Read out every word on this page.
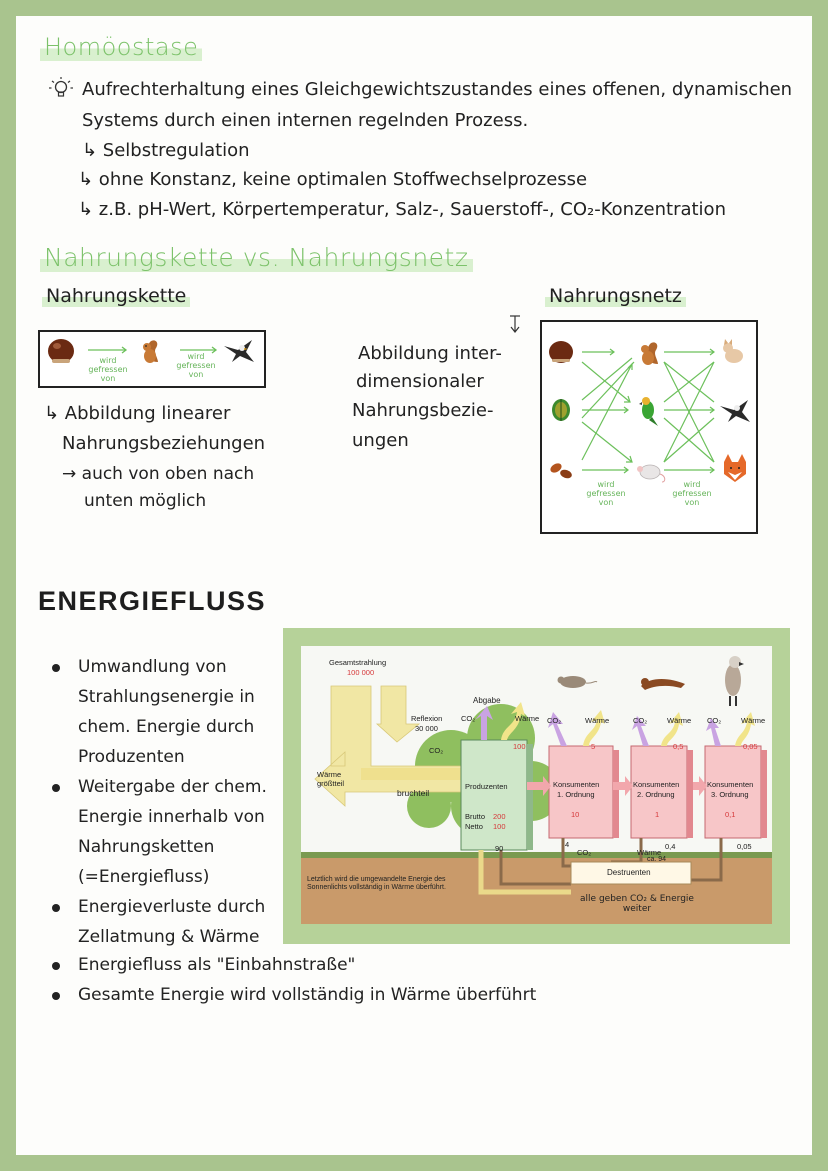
Homöostase
Aufrechterhaltung eines Gleichgewichtszustandes eines offenen, dynamischen
Systems durch einen internen regelnden Prozess.
↳ Selbstregulation
↳ ohne Konstanz, keine optimalen Stoffwechselprozesse
↳ z.B. pH-Wert, Körpertemperatur, Salz-, Sauerstoff-, CO₂-Konzentration
Nahrungskette vs. Nahrungsnetz
Nahrungskette	Nahrungsnetz
wird gefressen von
wird gefressen von
↳ Abbildung linearer
Nahrungsbeziehungen
→ auch von oben nach
unten möglich
Abbildung inter-
dimensionaler
Nahrungsbezie-
ungen
wird gefressen von
wird gefressen von
ENERGIEFLUSS
Umwandlung von
Strahlungsenergie in
chem. Energie durch
Produzenten
Weitergabe der chem.
Energie innerhalb von
Nahrungsketten
(=Energiefluss)
Energieverluste durch
Zellatmung & Wärme
Energiefluss als "Einbahnstraße"
Gesamte Energie wird vollständig in Wärme überführt
Gesamtstrahlung
100 000
Reflexion
30 000
Abgabe
CO₂	Wärme
CO₂	100
Wärme größtteil
bruchteil
Produzenten
Brutto 200
Netto 100
90
CO₂	Wärme
5
Konsumenten
1. Ordnung
10
4
CO₂
CO₂	Wärme
0,5
Konsumenten
2. Ordnung
1
0,4
CO₂	Wärme
0,05
Konsumenten
3. Ordnung
0,1
0,05
Wärme
ca. 94
Destruenten
alle geben CO₂ & Energie weiter
Letztlich wird die umgewandelte Energie des Sonnenlichts vollständig in Wärme überführt.
